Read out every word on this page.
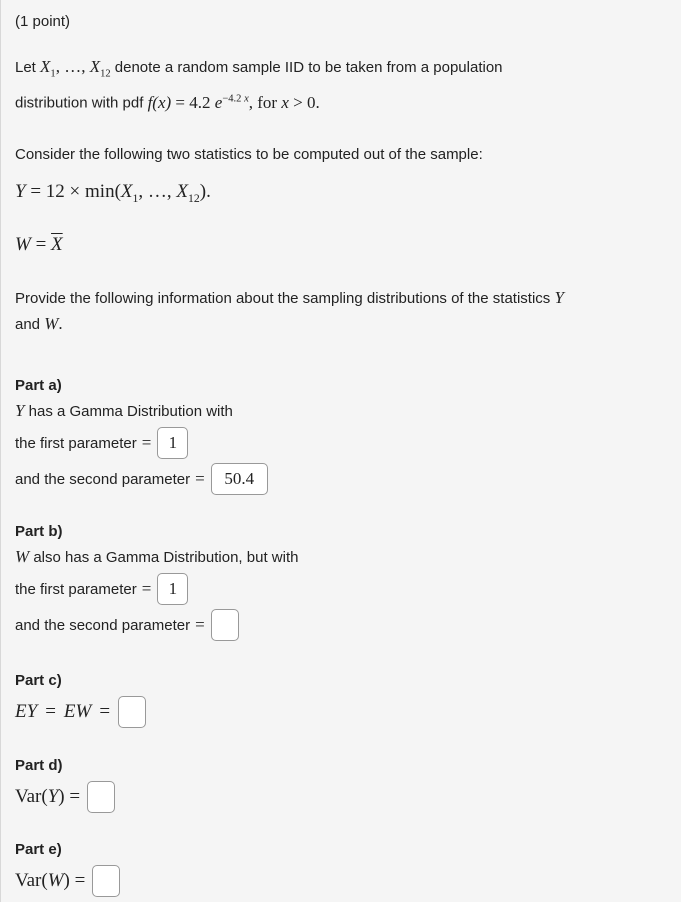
(1 point)
Let $X_1$, …, $X_{12}$ denote a random sample IID to be taken from a population
distribution with pdf f(x) = 4.2 $e^{-4.2 x}$, for x > 0.
Consider the following two statistics to be computed out of the sample:
$Y = 12 \times \min(X_1$, …, $X_{12}$).
$W = \overline{X}$
Provide the following information about the sampling distributions of the statistics Y
and W.
Part a)
Y has a Gamma Distribution with
the first parameter =
1
and the second parameter =
50.4
Part b)
W also has a Gamma Distribution, but with
the first parameter =
1
and the second parameter =
Part c)
EY = EW =
Part d)
Var( Y ) =
Part e)
Var( W ) =
